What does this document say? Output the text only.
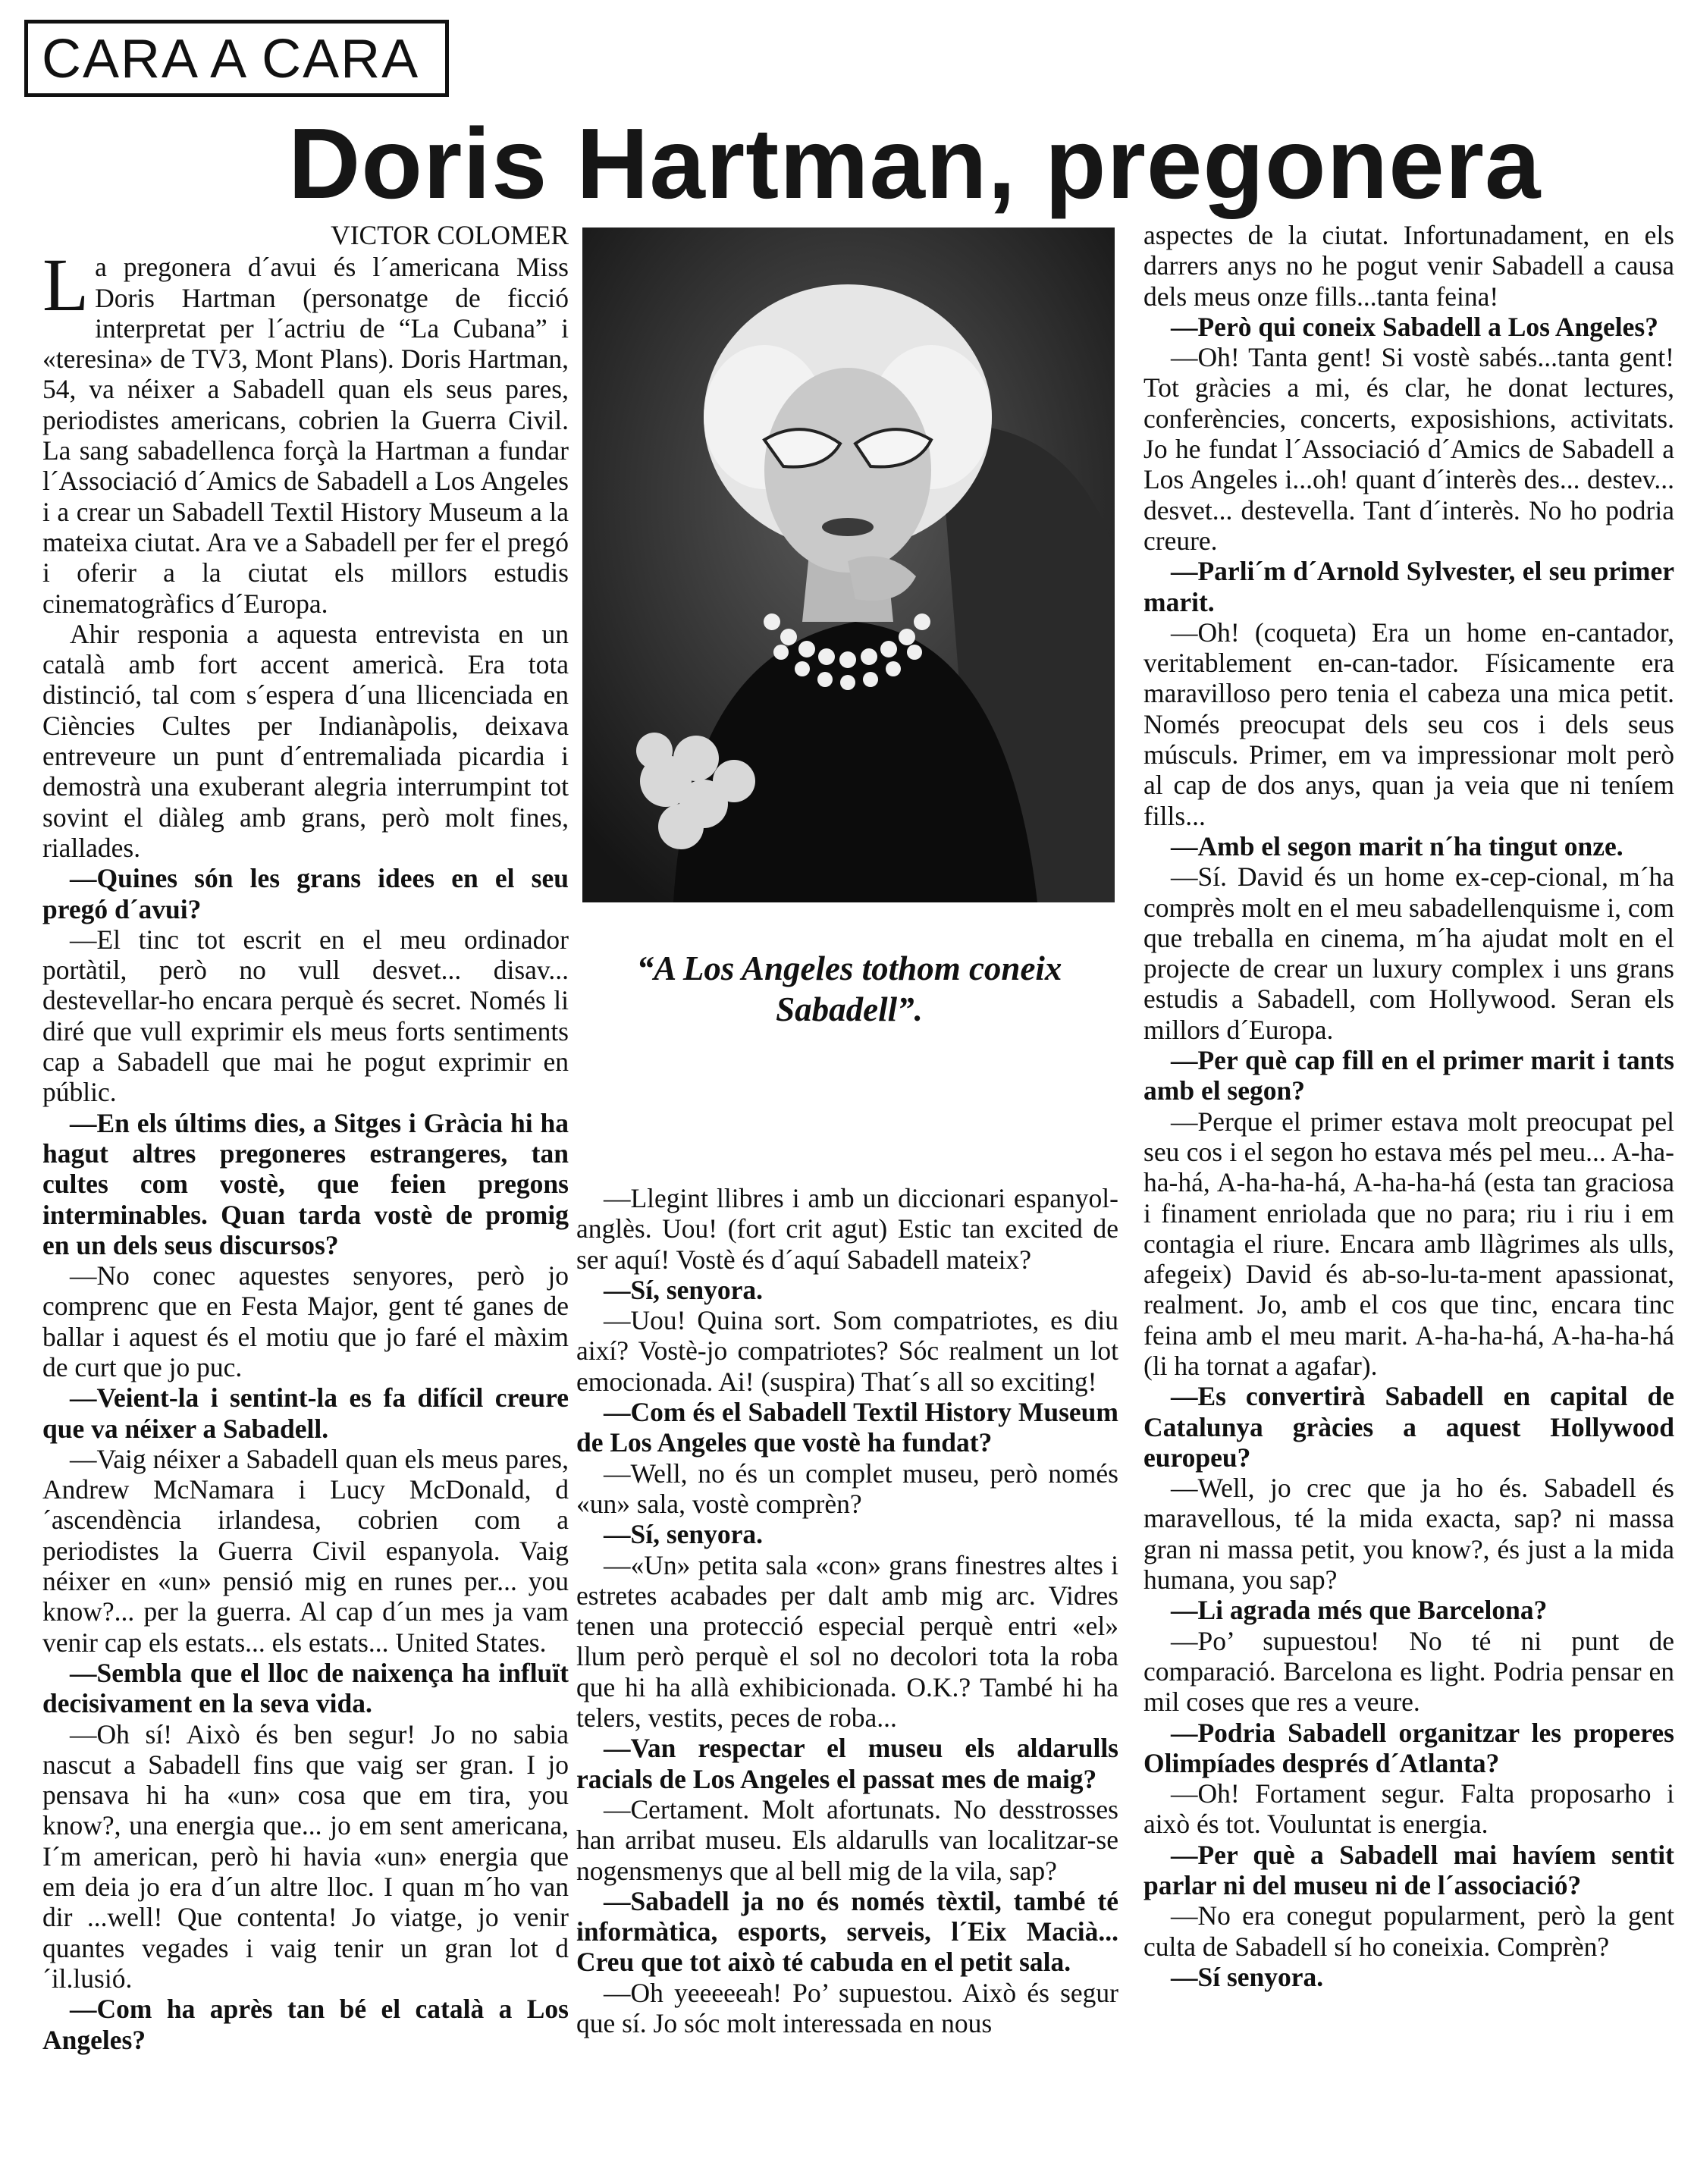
CARA A CARA
Doris Hartman, pregonera

VICTOR COLOMER

La pregonera d´avui és l´americana Miss Doris Hartman (personatge de ficció interpretat per l´actriu de “La Cubana” i «teresina» de TV3, Mont Plans). Doris Hartman, 54, va néixer a Sabadell quan els seus pares, periodistes americans, cobrien la Guerra Civil. La sang sabadellenca forçà la Hartman a fundar l´Associació d´Amics de Sabadell a Los Angeles i a crear un Sabadell Textil History Museum a la mateixa ciutat. Ara ve a Sabadell per fer el pregó i oferir a la ciutat els millors estudis cinematogràfics d´Europa.

Ahir responia a aquesta entrevista en un català amb fort accent americà. Era tota distinció, tal com s´espera d´una llicenciada en Ciències Cultes per Indianàpolis, deixava entreveure un punt d´entremaliada picardia i demostrà una exuberant alegria interrumpint tot sovint el diàleg amb grans, però molt fines, riallades.

—Quines són les grans idees en el seu pregó d´avui?

—El tinc tot escrit en el meu ordinador portàtil, però no vull desvet... disav... destevellar-ho encara perquè és secret. Només li diré que vull exprimir els meus forts sentiments cap a Sabadell que mai he pogut exprimir en públic.

—En els últims dies, a Sitges i Gràcia hi ha hagut altres pregoneres estrangeres, tan cultes com vostè, que feien pregons interminables. Quan tarda vostè de promig en un dels seus discursos?

—No conec aquestes senyores, però jo comprenc que en Festa Major, gent té ganes de ballar i aquest és el motiu que jo faré el màxim de curt que jo puc.

—Veient-la i sentint-la es fa difícil creure que va néixer a Sabadell.

—Vaig néixer a Sabadell quan els meus pares, Andrew McNamara i Lucy McDonald, d´ascendència irlandesa, cobrien com a periodistes la Guerra Civil espanyola. Vaig néixer en «un» pensió mig en runes per... you know?... per la guerra. Al cap d´un mes ja vam venir cap els estats... els estats... United States.

—Sembla que el lloc de naixença ha influït decisivament en la seva vida.

—Oh sí! Això és ben segur! Jo no sabia nascut a Sabadell fins que vaig ser gran. I jo pensava hi ha «un» cosa que em tira, you know?, una energia que... jo em sent americana, I´m american, però hi havia «un» energia que em deia jo era d´un altre lloc. I quan m´ho van dir ...well! Que contenta! Jo viatge, jo venir quantes vegades i vaig tenir un gran lot d´il.lusió.

—Com ha après tan bé el català a Los Angeles?

“A Los Angeles tothom coneix Sabadell”.

—Llegint llibres i amb un diccionari espanyol-anglès. Uou! (fort crit agut) Estic tan excited de ser aquí! Vostè és d´aquí Sabadell mateix?

—Sí, senyora.

—Uou! Quina sort. Som compatriotes, es diu així? Vostè-jo compatriotes? Sóc realment un lot emocionada. Ai! (suspira) That´s all so exciting!

—Com és el Sabadell Textil History Museum de Los Angeles que vostè ha fundat?

—Well, no és un complet museu, però només «un» sala, vostè comprèn?

—Sí, senyora.

—«Un» petita sala «con» grans finestres altes i estretes acabades per dalt amb mig arc. Vidres tenen una protecció especial perquè entri «el» llum però perquè el sol no decolori tota la roba que hi ha allà exhibicionada. O.K.? També hi ha telers, vestits, peces de roba...

—Van respectar el museu els aldarulls racials de Los Angeles el passat mes de maig?

—Certament. Molt afortunats. No desstrosses han arribat museu. Els aldarulls van localitzar-se nogensmenys que al bell mig de la vila, sap?

—Sabadell ja no és només tèxtil, també té informàtica, esports, serveis, l´Eix Macià... Creu que tot això té cabuda en el petit sala.

—Oh yeeeeeah! Po’ supuestou. Això és segur que sí. Jo sóc molt interessada en nous

aspectes de la ciutat. Infortunadament, en els darrers anys no he pogut venir Sabadell a causa dels meus onze fills...tanta feina!

—Però qui coneix Sabadell a Los Angeles?

—Oh! Tanta gent! Si vostè sabés...tanta gent! Tot gràcies a mi, és clar, he donat lectures, conferències, concerts, exposishions, activitats. Jo he fundat l´Associació d´Amics de Sabadell a Los Angeles i...oh! quant d´interès des... destev... desvet... destevella. Tant d´interès. No ho podria creure.

—Parli´m d´Arnold Sylvester, el seu primer marit.

—Oh! (coqueta) Era un home en-cantador, veritablement en-can-tador. Físicamente era maravilloso pero tenia el cabeza una mica petit. Només preocupat dels seu cos i dels seus músculs. Primer, em va impressionar molt però al cap de dos anys, quan ja veia que ni teníem fills...

—Amb el segon marit n´ha tingut onze.

—Sí. David és un home ex-cep-cional, m´ha comprès molt en el meu sabadellenquisme i, com que treballa en cinema, m´ha ajudat molt en el projecte de crear un luxury complex i uns grans estudis a Sabadell, com Hollywood. Seran els millors d´Europa.

—Per què cap fill en el primer marit i tants amb el segon?

—Perque el primer estava molt preocupat pel seu cos i el segon ho estava més pel meu... A-ha-ha-há, A-ha-ha-há, A-ha-ha-há (esta tan graciosa i finament enriolada que no para; riu i riu i em contagia el riure. Encara amb llàgrimes als ulls, afegeix) David és ab-so-lu-ta-ment apassionat, realment. Jo, amb el cos que tinc, encara tinc feina amb el meu marit. A-ha-ha-há, A-ha-ha-há (li ha tornat a agafar).

—Es convertirà Sabadell en capital de Catalunya gràcies a aquest Hollywood europeu?

—Well, jo crec que ja ho és. Sabadell és maravellous, té la mida exacta, sap? ni massa gran ni massa petit, you know?, és just a la mida humana, you sap?

—Li agrada més que Barcelona?

—Po’ supuestou! No té ni punt de comparació. Barcelona es light. Podria pensar en mil coses que res a veure.

—Podria Sabadell organitzar les properes Olimpíades després d´Atlanta?

—Oh! Fortament segur. Falta proposarho i això és tot. Vouluntat is energia.

—Per què a Sabadell mai havíem sentit parlar ni del museu ni de l´associació?

—No era conegut popularment, però la gent culta de Sabadell sí ho coneixia. Comprèn?

—Sí senyora.
